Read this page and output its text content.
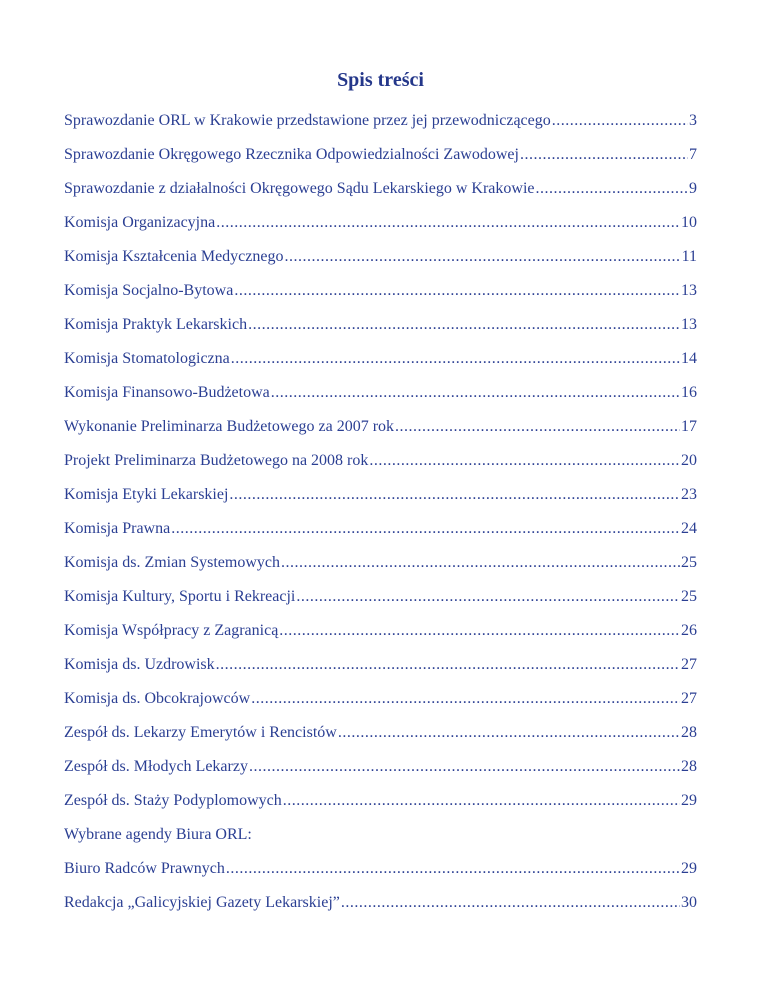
Spis treści
Sprawozdanie ORL w Krakowie przedstawione przez jej przewodniczącego .....	3
Sprawozdanie Okręgowego Rzecznika Odpowiedzialności Zawodowej .....	7
Sprawozdanie z działalności Okręgowego Sądu Lekarskiego w Krakowie .....	9
Komisja Organizacyjna .....	10
Komisja Kształcenia Medycznego .....	11
Komisja Socjalno-Bytowa .....	13
Komisja Praktyk Lekarskich .....	13
Komisja Stomatologiczna .....	14
Komisja Finansowo-Budżetowa .....	16
Wykonanie Preliminarza Budżetowego za 2007 rok .....	17
Projekt Preliminarza Budżetowego na 2008 rok .....	20
Komisja Etyki Lekarskiej .....	23
Komisja Prawna .....	24
Komisja ds. Zmian Systemowych .....	25
Komisja Kultury, Sportu i Rekreacji .....	25
Komisja Współpracy z Zagranicą .....	26
Komisja ds. Uzdrowisk .....	27
Komisja ds. Obcokrajowców .....	27
Zespół ds. Lekarzy Emerytów i Rencistów .....	28
Zespół ds. Młodych Lekarzy .....	28
Zespół ds. Staży Podyplomowych .....	29
Wybrane agendy Biura ORL:
Biuro Radców Prawnych .....	29
Redakcja „Galicyjskiej Gazety Lekarskiej” .....	30
